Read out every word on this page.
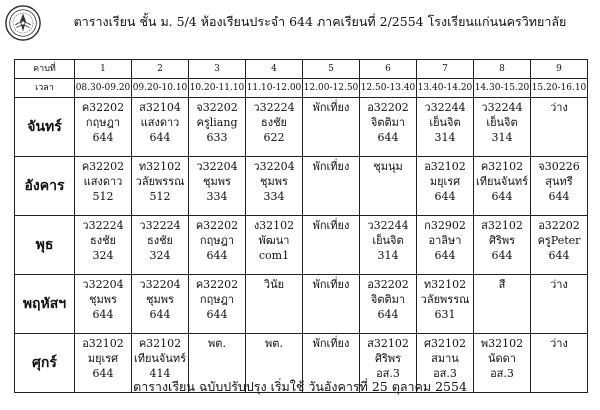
ตารางเรียน ชั้น ม. 5/4 ห้องเรียนประจำ 644 ภาคเรียนที่ 2/2554 โรงเรียนแก่นนครวิทยาลัย
คาบที่	1	2	3	4	5	6	7	8	9
เวลา	08.30-09.20	09.20-10.10	10.20-11.10	11.10-12.00	12.00-12.50	12.50-13.40	13.40-14.20	14.30-15.20	15.20-16.10
จันทร์	ค32202
กฤษฎา
644	ส32104
แสงดาว
644	จ32202
ครูliang
633	ว32224
ธงชัย
622	พักเที่ยง	อ32202
จิตติมา
644	ว32244
เย็นจิต
314	ว32244
เย็นจิต
314	ว่าง

อังคาร	ค32202
แสงดาว
512	ท32102
วลัยพรรณ
512	ว32204
ชุมพร
334	ว32204
ชุมพร
334	พักเที่ยง	ชุมนุม	อ32102
มยุเรศ
644	ค32102
เทียนจันทร์
644	จ30226
สุนทรี
644

พุธ	ว32224
ธงชัย
324	ว32224
ธงชัย
324	ค32202
กฤษฎา
644	ง32102
พัฒนา
com1	พักเที่ยง	ว32244
เย็นจิต
314	ก32902
อาลิษา
644	ส32102
ศิริพร
644	อ32202
ครูPeter
644

พฤหัสฯ	ว32204
ชุมพร
644	ว32204
ชุมพร
644	ค32202
กฤษฎา
644	วินัย	พักเที่ยง	อ32202
จิตติมา
644	ท32102
วลัยพรรณ
631	สี	ว่าง

ศุกร์	อ32102
มยุเรศ
644	ค32102
เทียนจันทร์
414	พต.	พต.	พักเที่ยง	ส32102
ศิริพร
อส.3	ศ32102
สมาน
อส.3	พ32102
นัดดา
อส.3	ว่าง
ตารางเรียน ฉบับปรับปรุง เริ่มใช้ วันอังคารที่ 25 ตุลาคม 2554
